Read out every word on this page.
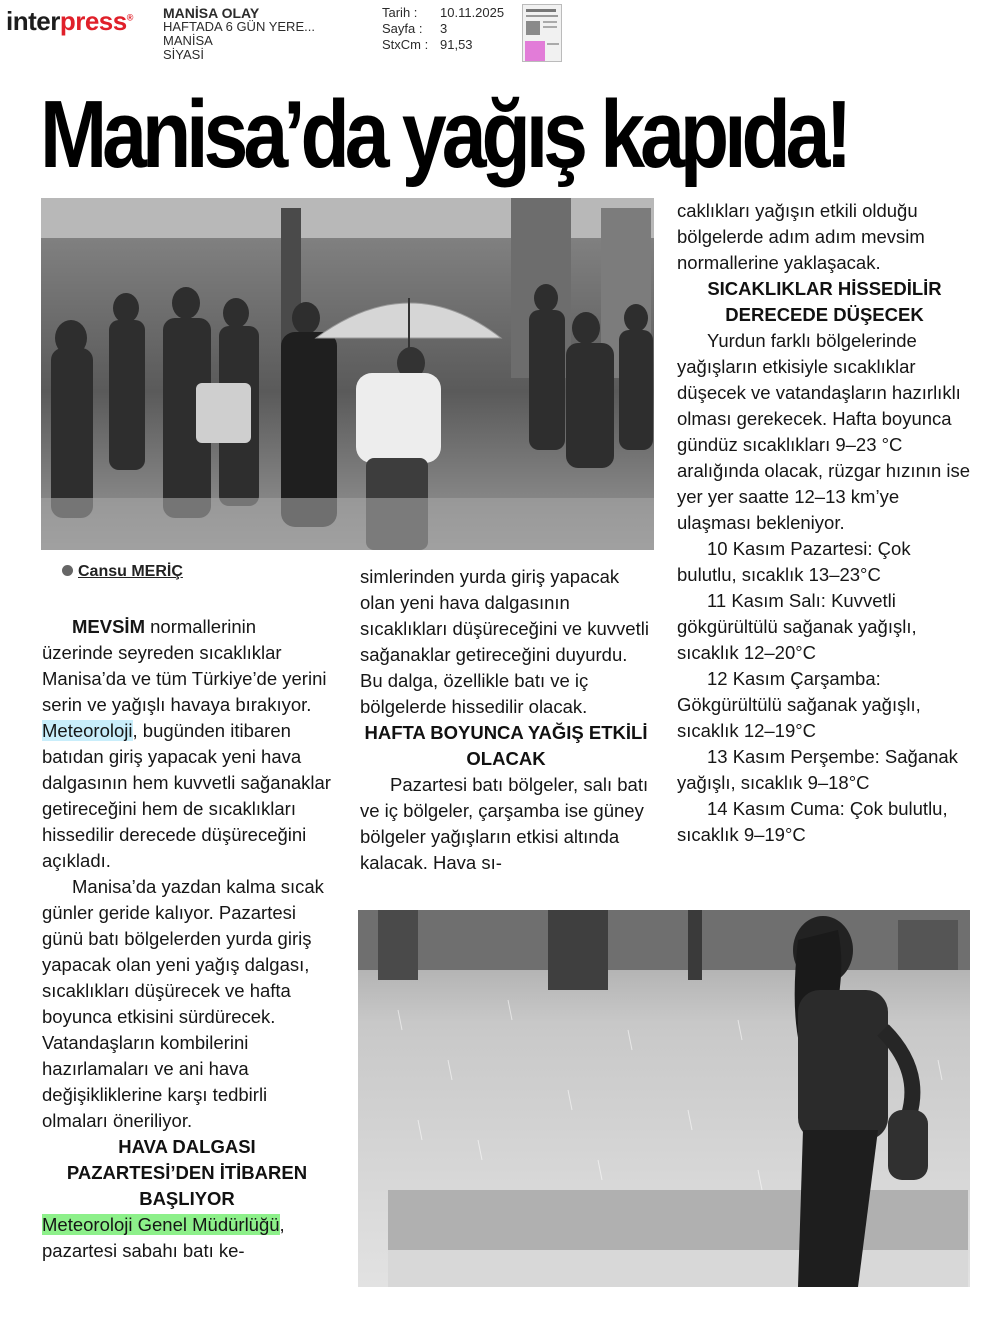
interpress® MANİSA OLAY
HAFTADA 6 GÜN YERE...
MANİSA
SİYASİ
Tarih : 10.11.2025
Sayfa : 3
StxCm : 91,53
Manisa’da yağış kapıda!
Cansu MERİÇ

MEVSİM normallerinin üzerinde seyreden sıcaklıklar Manisa’da ve tüm Türkiye’de yerini serin ve yağışlı havaya bırakıyor. Meteoroloji, bugünden itibaren batıdan giriş yapacak yeni hava dalgasının hem kuvvetli sağanaklar getireceğini hem de sıcaklıkları hissedilir derecede düşüreceğini açıkladı.

Manisa’da yazdan kalma sıcak günler geride kalıyor. Pazartesi günü batı bölgelerden yurda giriş yapacak olan yeni yağış dalgası, sıcaklıkları düşürecek ve hafta boyunca etkisini sürdürecek. Vatandaşların kombilerini hazırlamaları ve ani hava değişikliklerine karşı tedbirli olmaları öneriliyor.

HAVA DALGASI PAZARTESİ’DEN İTİBAREN BAŞLIYOR

Meteoroloji Genel Müdürlüğü, pazartesi sabahı batı ke-

simlerinden yurda giriş yapacak olan yeni hava dalgasının sıcaklıkları düşüreceğini ve kuvvetli sağanaklar getireceğini duyurdu. Bu dalga, özellikle batı ve iç bölgelerde hissedilir olacak.

HAFTA BOYUNCA YAĞIŞ ETKİLİ OLACAK

Pazartesi batı bölgeler, salı batı ve iç bölgeler, çarşamba ise güney bölgeler yağışların etkisi altında kalacak. Hava sı-

caklıkları yağışın etkili olduğu bölgelerde adım adım mevsim normallerine yaklaşacak.

SICAKLIKLAR HİSSEDİLİR DERECEDE DÜŞECEK

Yurdun farklı bölgelerinde yağışların etkisiyle sıcaklıklar düşecek ve vatandaşların hazırlıklı olması gerekecek. Hafta boyunca gündüz sıcaklıkları 9–23 °C aralığında olacak, rüzgar hızının ise yer yer saatte 12–13 km’ye ulaşması bekleniyor.

10 Kasım Pazartesi: Çok bulutlu, sıcaklık 13–23°C

11 Kasım Salı: Kuvvetli gökgürültülü sağanak yağışlı, sıcaklık 12–20°C

12 Kasım Çarşamba: Gökgürültülü sağanak yağışlı, sıcaklık 12–19°C

13 Kasım Perşembe: Sağanak yağışlı, sıcaklık 9–18°C

14 Kasım Cuma: Çok bulutlu, sıcaklık 9–19°C
